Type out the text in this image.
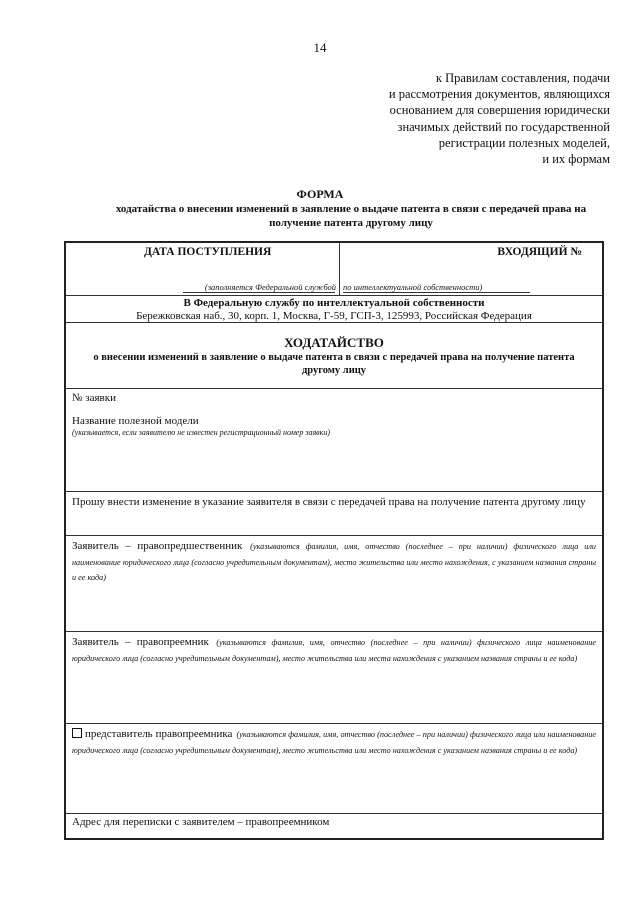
14
к Правилам составления, подачи
и рассмотрения документов, являющихся
основанием для совершения юридически
значимых действий по государственной
регистрации полезных моделей,
и их формам
ФОРМА
ходатайства о внесении изменений в заявление о выдаче патента в связи с передачей права на получение патента другому лицу
ДАТА ПОСТУПЛЕНИЯ
(заполняется Федеральной службой
ВХОДЯЩИЙ №
по интеллектуальной собственности)
В Федеральную службу по интеллектуальной собственности
Бережковская наб., 30, корп. 1, Москва, Г-59, ГСП-3, 125993, Российская Федерация
ХОДАТАЙСТВО
о внесении изменений в заявление о выдаче патента в связи с передачей права на получение патента другому лицу
№ заявки
Название полезной модели
(указывается, если заявителю не известен регистрационный номер заявки)
Прошу внести изменение в указание заявителя в связи с передачей права на получение патента другому лицу

Заявитель – правопредшественник (указываются фамилия, имя, отчество (последнее – при наличии) физического лица или наименование юридического лица (согласно учредительным документам), место жительства или место нахождения, с указанием названия страны и ее кода)

Заявитель – правопреемник (указываются фамилия, имя, отчество (последнее – при наличии) физического лица наименование юридического лица (согласно учредительным документам), место жительства или места нахождения с указанием названия страны и ее кода)

представитель правопреемника (указываются фамилия, имя, отчество (последнее – при наличии) физического лица или наименование юридического лица (согласно учредительным документам), место жительства или место нахождения с указанием названия страны и ее кода)

Адрес для переписки с заявителем – правопреемником
